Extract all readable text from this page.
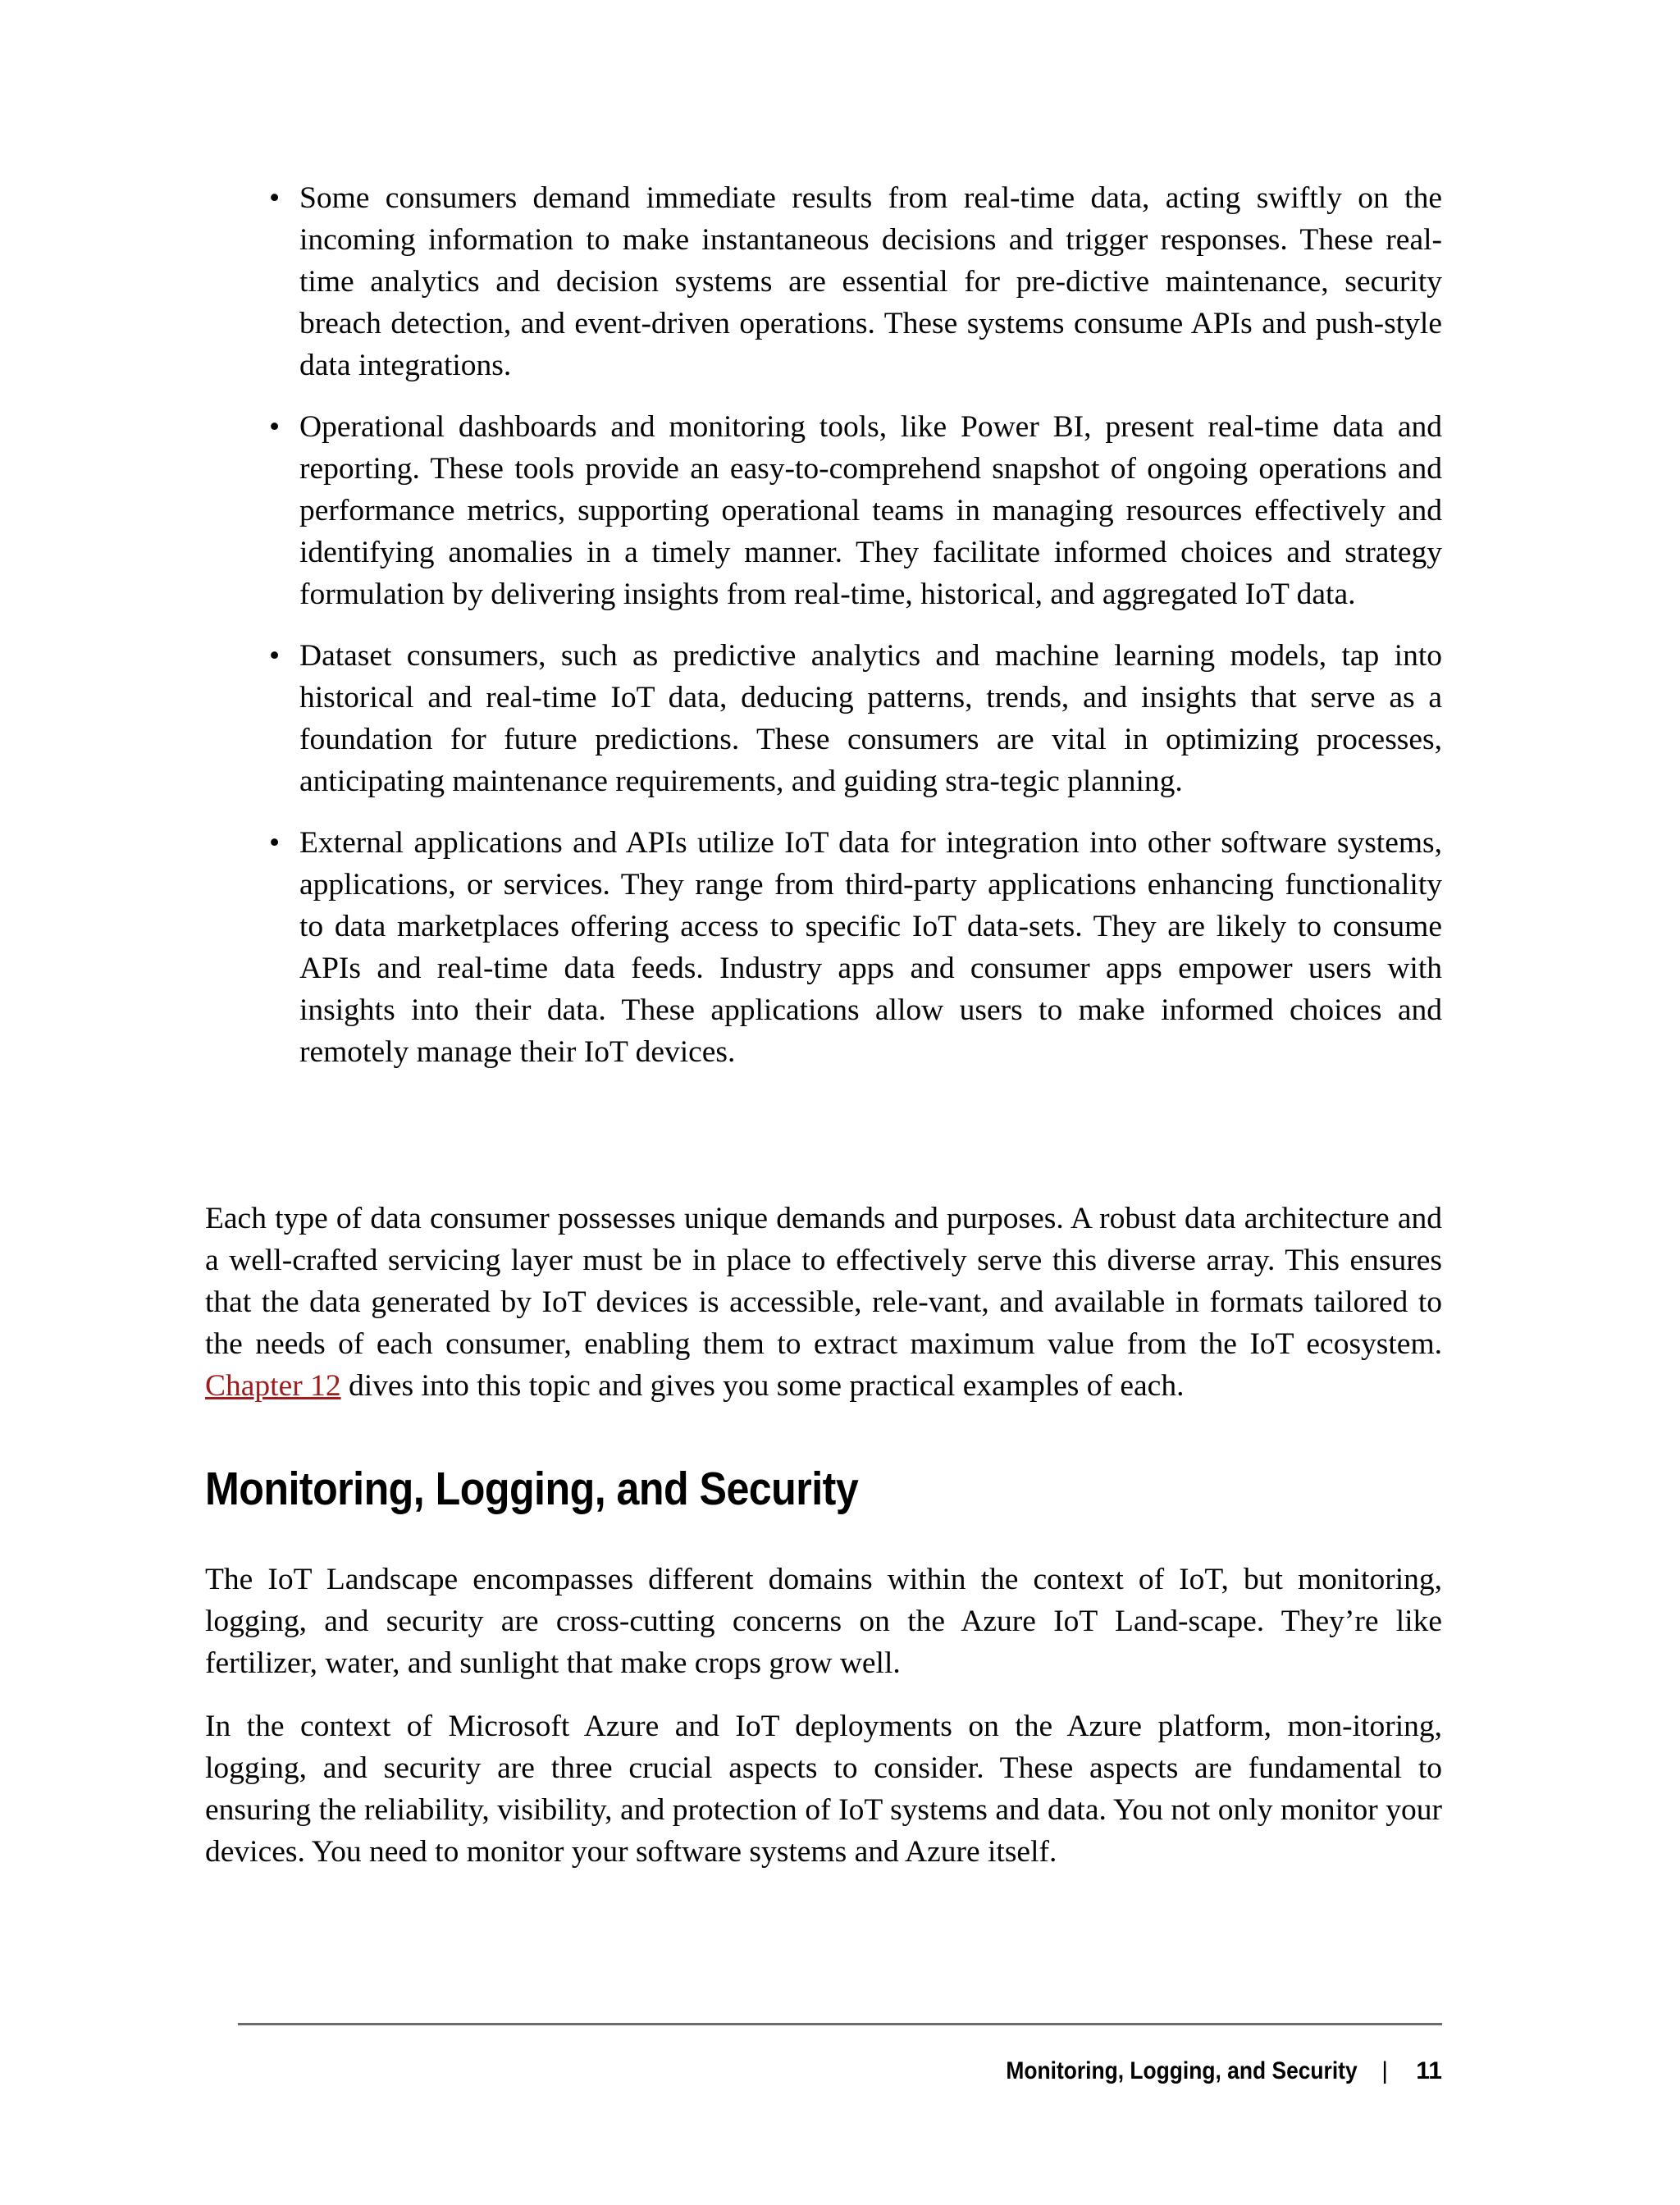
• Some consumers demand immediate results from real-time data, acting swiftly on the incoming information to make instantaneous decisions and trigger responses. These real-time analytics and decision systems are essential for pre-dictive maintenance, security breach detection, and event-driven operations. These systems consume APIs and push-style data integrations.
• Operational dashboards and monitoring tools, like Power BI, present real-time data and reporting. These tools provide an easy-to-comprehend snapshot of ongoing operations and performance metrics, supporting operational teams in managing resources effectively and identifying anomalies in a timely manner. They facilitate informed choices and strategy formulation by delivering insights from real-time, historical, and aggregated IoT data.
• Dataset consumers, such as predictive analytics and machine learning models, tap into historical and real-time IoT data, deducing patterns, trends, and insights that serve as a foundation for future predictions. These consumers are vital in optimizing processes, anticipating maintenance requirements, and guiding stra-tegic planning.
• External applications and APIs utilize IoT data for integration into other software systems, applications, or services. They range from third-party applications enhancing functionality to data marketplaces offering access to specific IoT data-sets. They are likely to consume APIs and real-time data feeds. Industry apps and consumer apps empower users with insights into their data. These applications allow users to make informed choices and remotely manage their IoT devices.

Each type of data consumer possesses unique demands and purposes. A robust data architecture and a well-crafted servicing layer must be in place to effectively serve this diverse array. This ensures that the data generated by IoT devices is accessible, rele-vant, and available in formats tailored to the needs of each consumer, enabling them to extract maximum value from the IoT ecosystem. Chapter 12 dives into this topic and gives you some practical examples of each.

Monitoring, Logging, and Security

The IoT Landscape encompasses different domains within the context of IoT, but monitoring, logging, and security are cross-cutting concerns on the Azure IoT Land-scape. They’re like fertilizer, water, and sunlight that make crops grow well.

In the context of Microsoft Azure and IoT deployments on the Azure platform, mon-itoring, logging, and security are three crucial aspects to consider. These aspects are fundamental to ensuring the reliability, visibility, and protection of IoT systems and data. You not only monitor your devices. You need to monitor your software systems and Azure itself.

Monitoring, Logging, and Security | 11
